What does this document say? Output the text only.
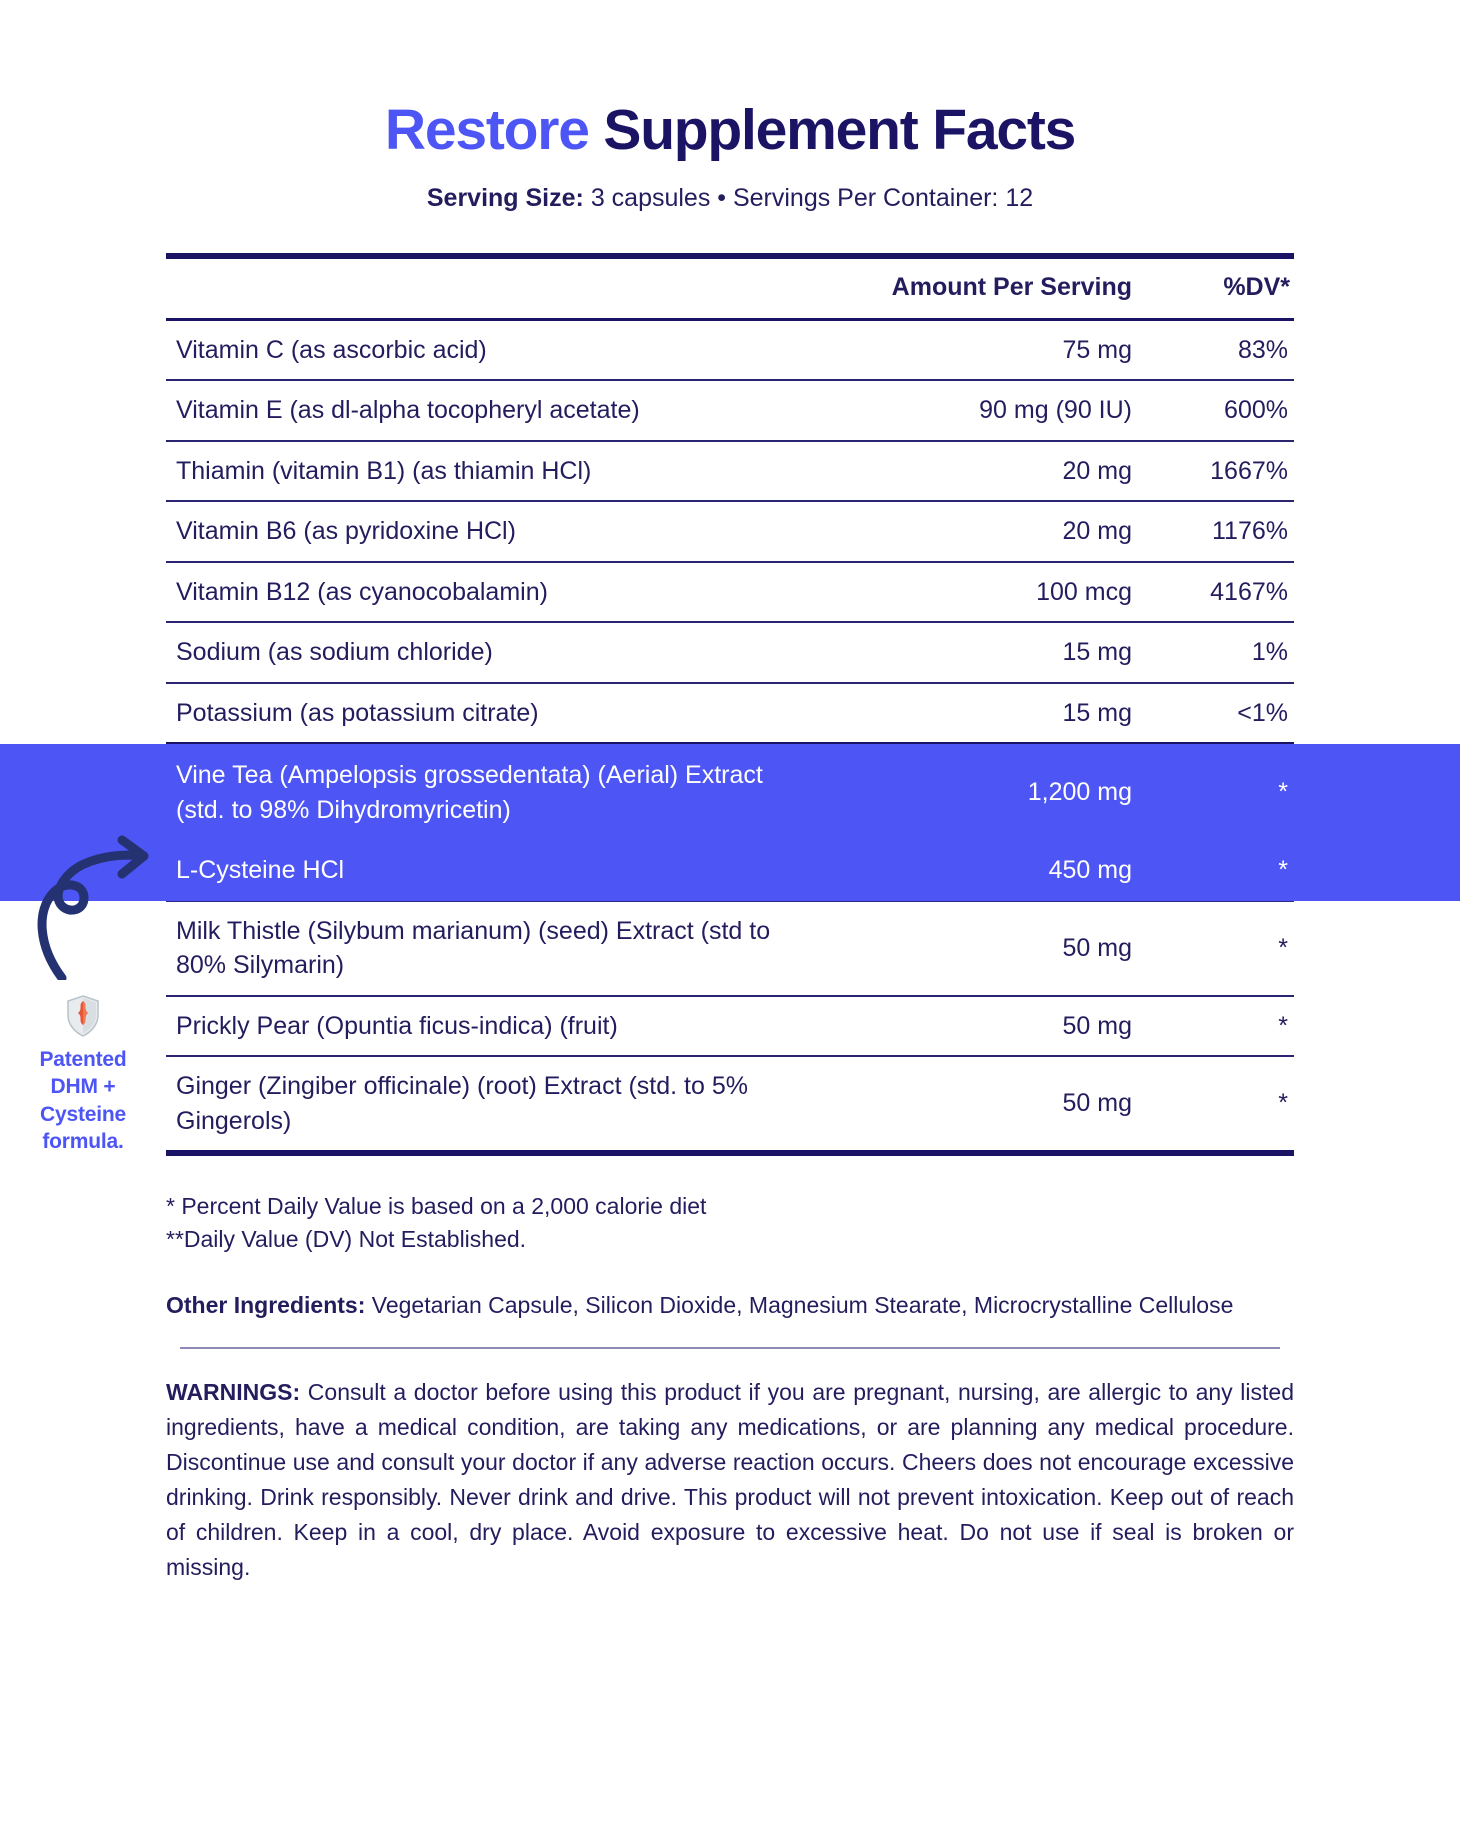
Restore Supplement Facts
Serving Size: 3 capsules • Servings Per Container: 12
	Amount Per Serving	%DV*
Vitamin C (as ascorbic acid)	75 mg	83%
Vitamin E (as dl-alpha tocopheryl acetate)	90 mg (90 IU)	600%
Thiamin (vitamin B1) (as thiamin HCl)	20 mg	1667%
Vitamin B6 (as pyridoxine HCl)	20 mg	1176%
Vitamin B12 (as cyanocobalamin)	100 mcg	4167%
Sodium (as sodium chloride)	15 mg	1%
Potassium (as potassium citrate)	15 mg	<1%
Vine Tea (Ampelopsis grossedentata) (Aerial) Extract (std. to 98% Dihydromyricetin)	1,200 mg	*
L-Cysteine HCl	450 mg	*
Milk Thistle (Silybum marianum) (seed) Extract (std to 80% Silymarin)	50 mg	*
Prickly Pear (Opuntia ficus-indica) (fruit)	50 mg	*
Ginger (Zingiber officinale) (root) Extract (std. to 5% Gingerols)	50 mg	*
Patented
DHM +
Cysteine
formula.
* Percent Daily Value is based on a 2,000 calorie diet
**Daily Value (DV) Not Established.
Other Ingredients: Vegetarian Capsule, Silicon Dioxide, Magnesium Stearate, Microcrystalline Cellulose
WARNINGS: Consult a doctor before using this product if you are pregnant, nursing, are allergic to any listed ingredients, have a medical condition, are taking any medications, or are planning any medical procedure. Discontinue use and consult your doctor if any adverse reaction occurs. Cheers does not encourage excessive drinking. Drink responsibly. Never drink and drive. This product will not prevent intoxication. Keep out of reach of children. Keep in a cool, dry place. Avoid exposure to excessive heat. Do not use if seal is broken or missing.
